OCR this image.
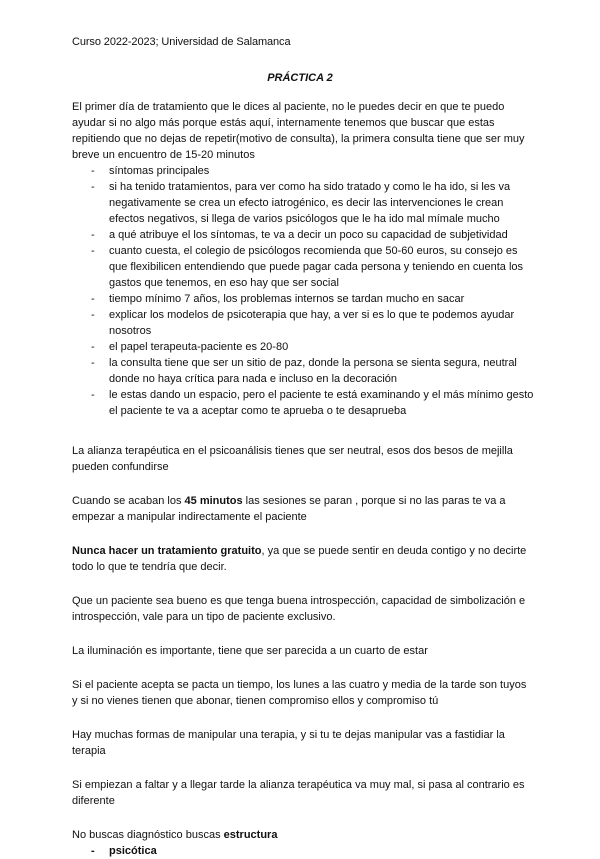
Curso 2022-2023; Universidad de Salamanca
PRÁCTICA 2

El primer día de tratamiento que le dices al paciente, no le puedes decir en que te puedo ayudar si no algo más porque estás aquí, internamente tenemos que buscar que estas repitiendo que no dejas de repetir(motivo de consulta), la primera consulta tiene que ser muy breve un encuentro de 15-20 minutos

- síntomas principales
- si ha tenido tratamientos, para ver como ha sido tratado y como le ha ido, si les va negativamente se crea un efecto iatrogénico, es decir las intervenciones le crean efectos negativos, si llega de varios psicólogos que le ha ido mal mímale mucho
- a qué atribuye el los síntomas, te va a decir un poco su capacidad de subjetividad
- cuanto cuesta, el colegio de psicólogos recomienda que 50-60 euros, su consejo es que flexibilicen entendiendo que puede pagar cada persona y teniendo en cuenta los gastos que tenemos, en eso hay que ser social
- tiempo mínimo 7 años, los problemas internos se tardan mucho en sacar
- explicar los modelos de psicoterapia que hay, a ver si es lo que te podemos ayudar nosotros
- el papel terapeuta-paciente es 20-80
- la consulta tiene que ser un sitio de paz, donde la persona se sienta segura, neutral donde no haya crítica para nada e incluso en la decoración
- le estas dando un espacio, pero el paciente te está examinando y el más mínimo gesto el paciente te va a aceptar como te aprueba o te desaprueba

La alianza terapéutica en el psicoanálisis tienes que ser neutral, esos dos besos de mejilla pueden confundirse

Cuando se acaban los 45 minutos las sesiones se paran , porque si no las paras te va a empezar a manipular indirectamente el paciente

Nunca hacer un tratamiento gratuito, ya que se puede sentir en deuda contigo y no decirte todo lo que te tendría que decir.

Que un paciente sea bueno es que tenga buena introspección, capacidad de simbolización e introspección, vale para un tipo de paciente exclusivo.

La iluminación es importante, tiene que ser parecida a un cuarto de estar

Si el paciente acepta se pacta un tiempo, los lunes a las cuatro y media de la tarde son tuyos y si no vienes tienen que abonar, tienen compromiso ellos y compromiso tú

Hay muchas formas de manipular una terapia, y si tu te dejas manipular vas a fastidiar la terapia

Si empiezan a faltar y a llegar tarde la alianza terapéutica va muy mal, si pasa al contrario es diferente

No buscas diagnóstico buscas estructura

- psicótica
